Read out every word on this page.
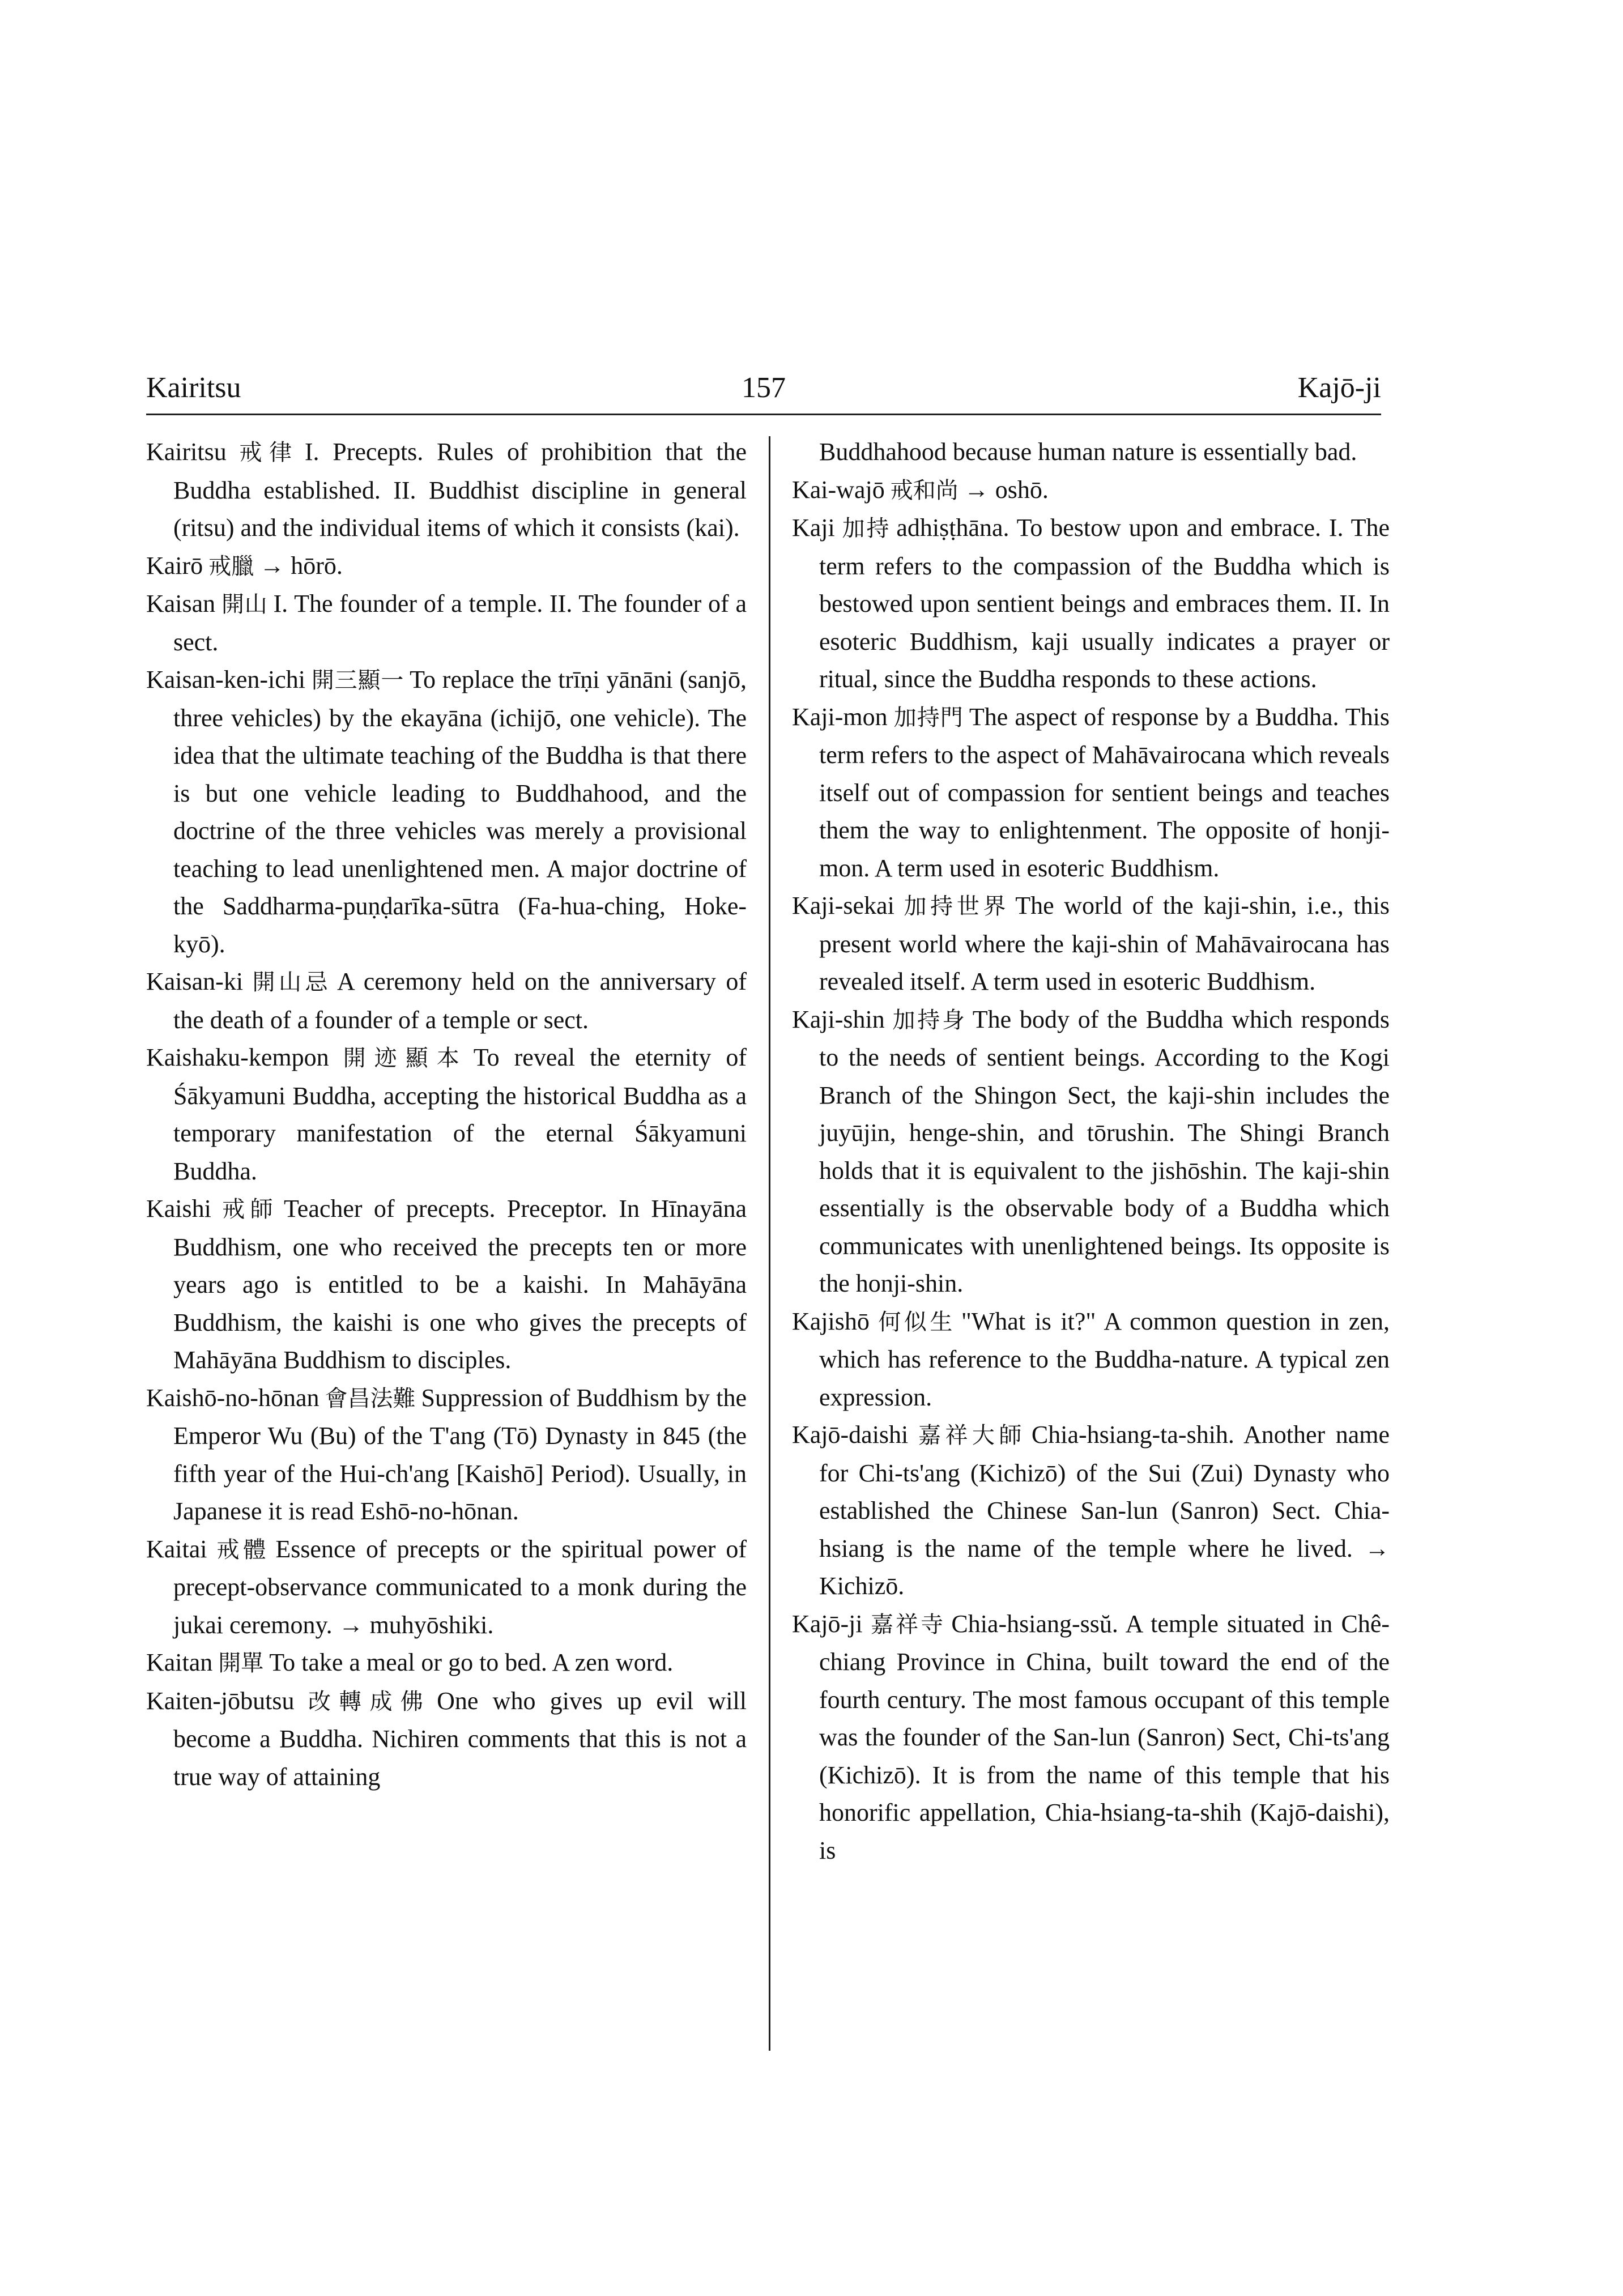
Kairitsu	157	Kajō-ji

Kairitsu 戒律 I. Precepts. Rules of prohibition that the Buddha established. II. Buddhist discipline in general (ritsu) and the individual items of which it consists (kai).

Kairō 戒臘 → hōrō.

Kaisan 開山 I. The founder of a temple. II. The founder of a sect.

Kaisan-ken-ichi 開三顯一 To replace the trīṇi yānāni (sanjō, three vehicles) by the ekayāna (ichijō, one vehicle). The idea that the ultimate teaching of the Buddha is that there is but one vehicle leading to Buddhahood, and the doctrine of the three vehicles was merely a provisional teaching to lead unenlightened men. A major doctrine of the Saddharma-puṇḍarīka-sūtra (Fa-hua-ching, Hoke-kyō).

Kaisan-ki 開山忌 A ceremony held on the anniversary of the death of a founder of a temple or sect.

Kaishaku-kempon 開迹顯本 To reveal the eternity of Śākyamuni Buddha, accepting the historical Buddha as a temporary manifestation of the eternal Śākyamuni Buddha.

Kaishi 戒師 Teacher of precepts. Preceptor. In Hīnayāna Buddhism, one who received the precepts ten or more years ago is entitled to be a kaishi. In Mahāyāna Buddhism, the kaishi is one who gives the precepts of Mahāyāna Buddhism to disciples.

Kaishō-no-hōnan 會昌法難 Suppression of Buddhism by the Emperor Wu (Bu) of the T'ang (Tō) Dynasty in 845 (the fifth year of the Hui-ch'ang [Kaishō] Period). Usually, in Japanese it is read Eshō-no-hōnan.

Kaitai 戒體 Essence of precepts or the spiritual power of precept-observance communicated to a monk during the jukai ceremony. → muhyōshiki.

Kaitan 開單 To take a meal or go to bed. A zen word.

Kaiten-jōbutsu 改轉成佛 One who gives up evil will become a Buddha. Nichiren comments that this is not a true way of attaining

Buddhahood because human nature is essentially bad.

Kai-wajō 戒和尚 → oshō.

Kaji 加持 adhiṣṭhāna. To bestow upon and embrace. I. The term refers to the compassion of the Buddha which is bestowed upon sentient beings and embraces them. II. In esoteric Buddhism, kaji usually indicates a prayer or ritual, since the Buddha responds to these actions.

Kaji-mon 加持門 The aspect of response by a Buddha. This term refers to the aspect of Mahāvairocana which reveals itself out of compassion for sentient beings and teaches them the way to enlightenment. The opposite of honji-mon. A term used in esoteric Buddhism.

Kaji-sekai 加持世界 The world of the kaji-shin, i.e., this present world where the kaji-shin of Mahāvairocana has revealed itself. A term used in esoteric Buddhism.

Kaji-shin 加持身 The body of the Buddha which responds to the needs of sentient beings. According to the Kogi Branch of the Shingon Sect, the kaji-shin includes the juyūjin, henge-shin, and tōrushin. The Shingi Branch holds that it is equivalent to the jishōshin. The kaji-shin essentially is the observable body of a Buddha which communicates with unenlightened beings. Its opposite is the honji-shin.

Kajishō 何似生 "What is it?" A common question in zen, which has reference to the Buddha-nature. A typical zen expression.

Kajō-daishi 嘉祥大師 Chia-hsiang-ta-shih. Another name for Chi-ts'ang (Kichizō) of the Sui (Zui) Dynasty who established the Chinese San-lun (Sanron) Sect. Chia-hsiang is the name of the temple where he lived. → Kichizō.

Kajō-ji 嘉祥寺 Chia-hsiang-ssŭ. A temple situated in Chê-chiang Province in China, built toward the end of the fourth century. The most famous occupant of this temple was the founder of the San-lun (Sanron) Sect, Chi-ts'ang (Kichizō). It is from the name of this temple that his honorific appellation, Chia-hsiang-ta-shih (Kajō-daishi), is
